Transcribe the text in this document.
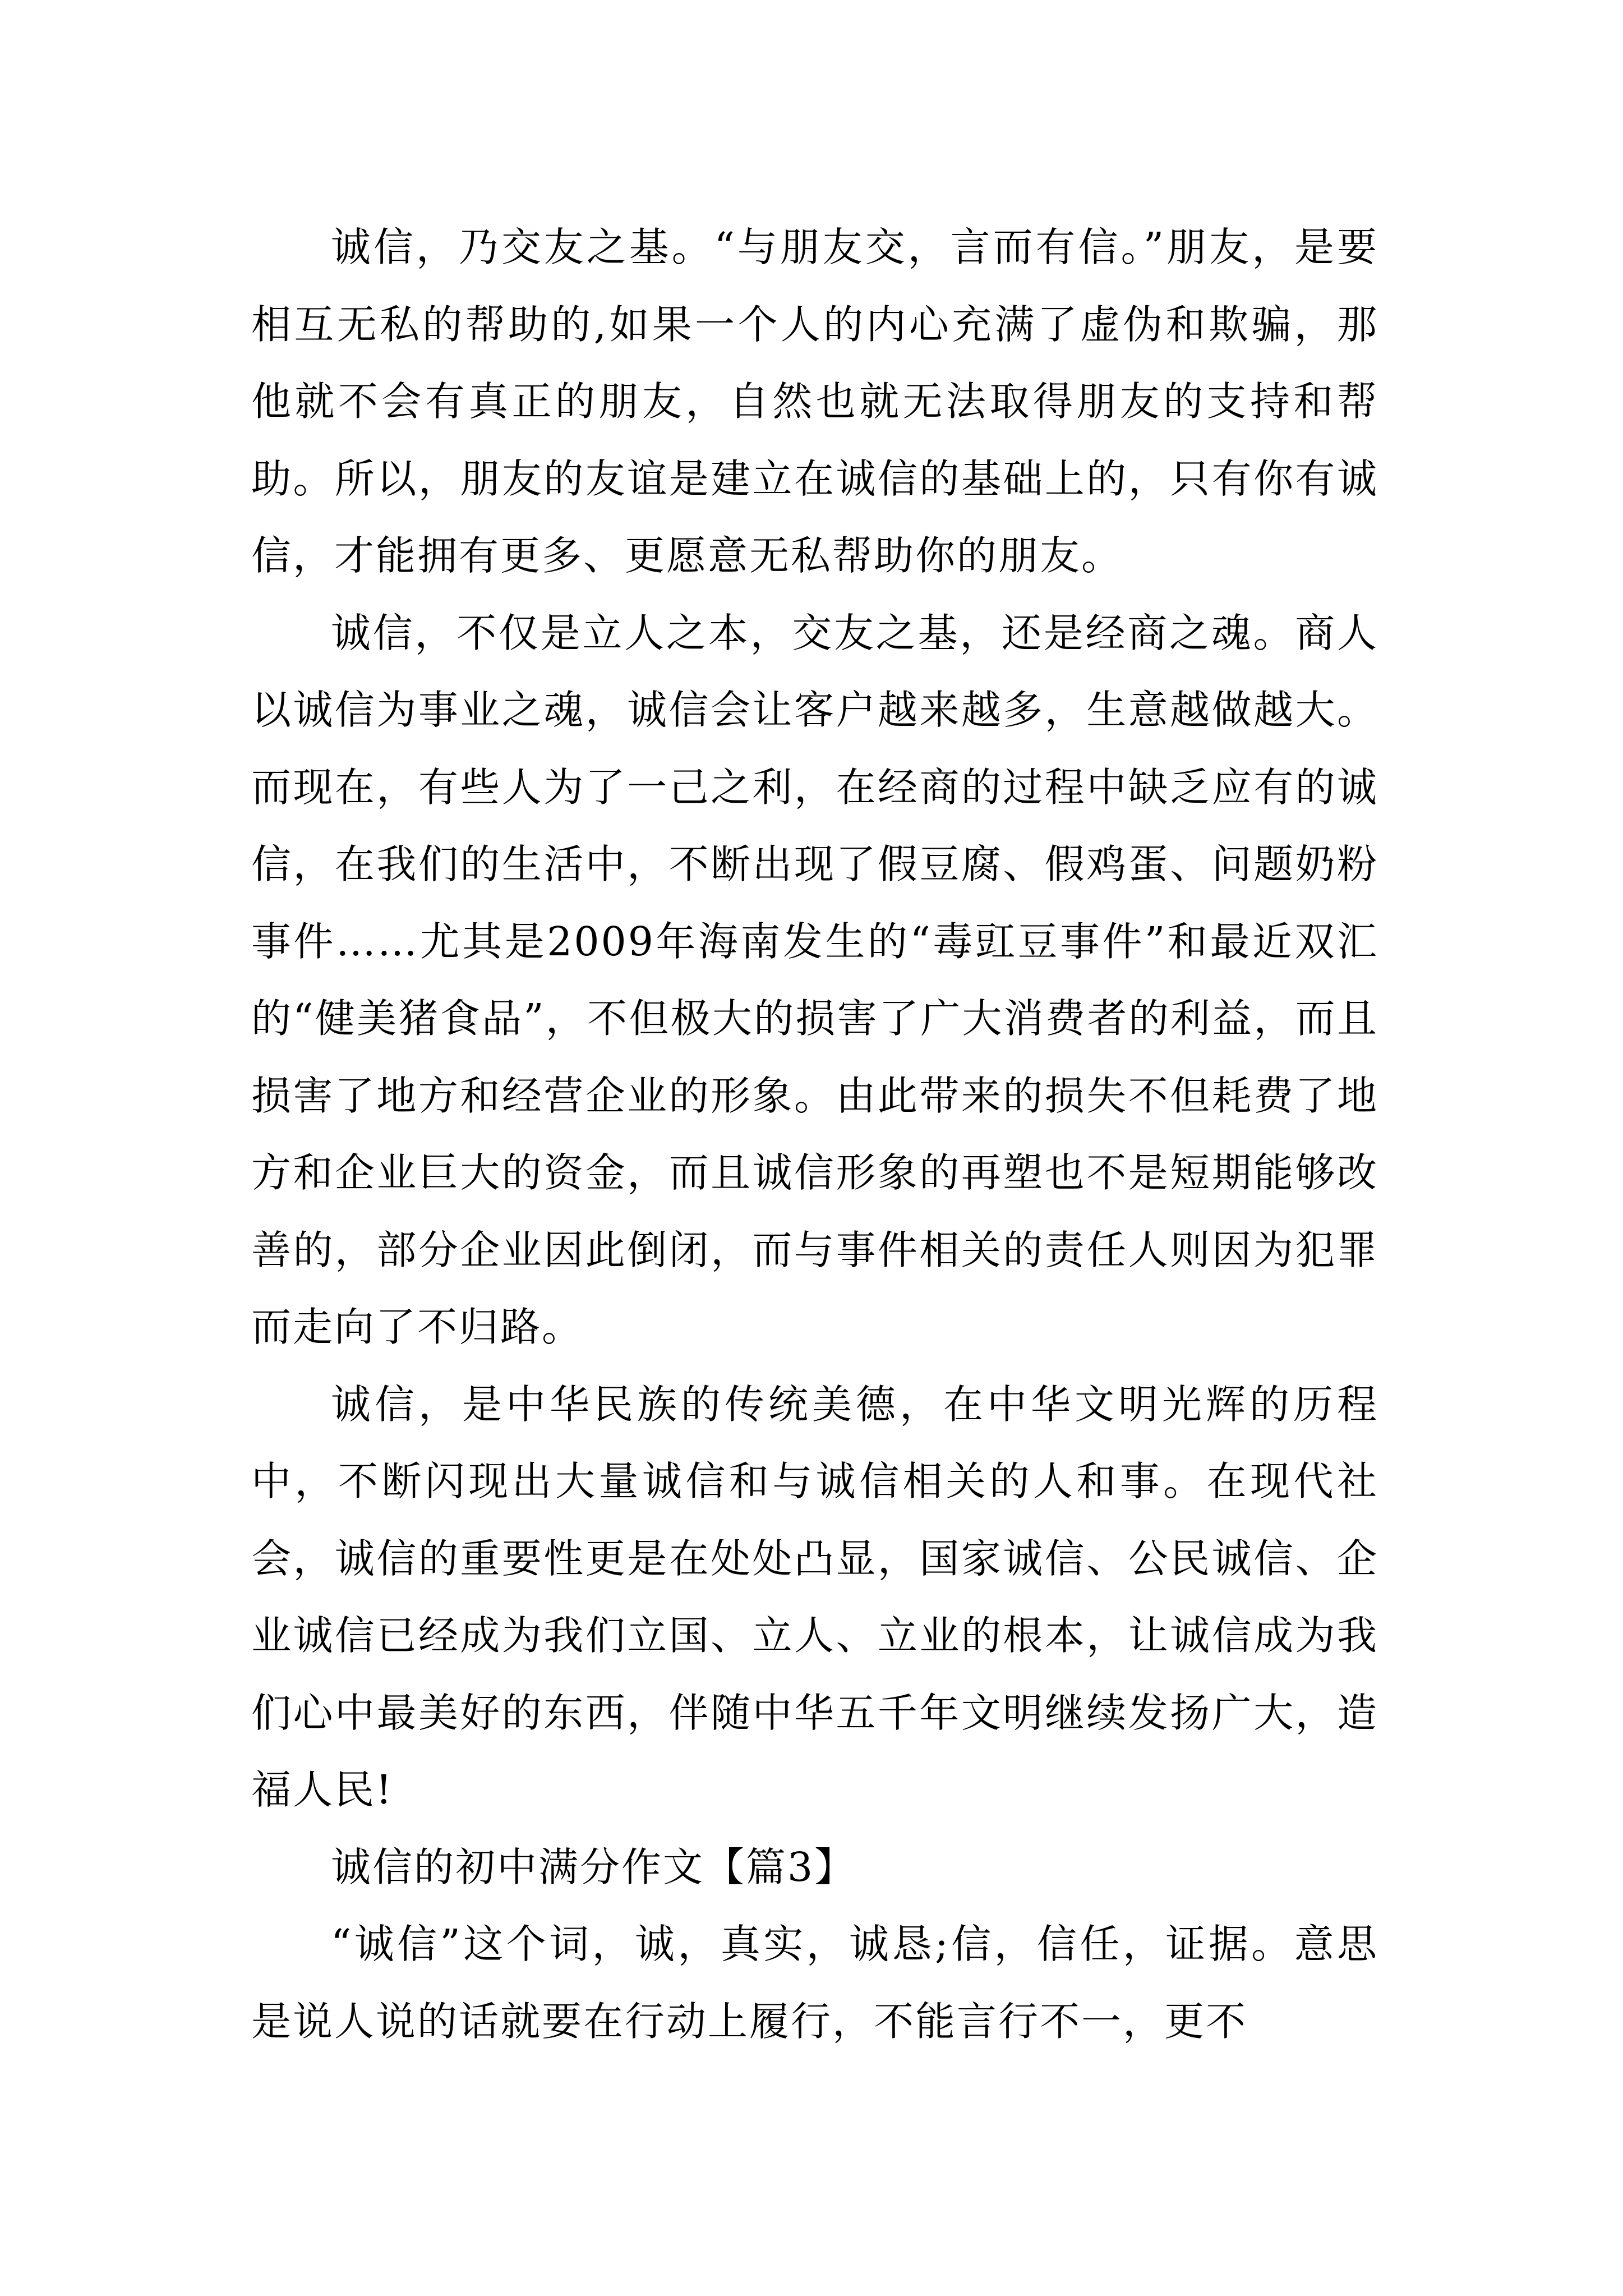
诚信，乃交友之基。“与朋友交，言而有信。”朋友，是要相互无私的帮助的,如果一个人的内心充满了虚伪和欺骗，那他就不会有真正的朋友，自然也就无法取得朋友的支持和帮助。所以，朋友的友谊是建立在诚信的基础上的，只有你有诚信，才能拥有更多、更愿意无私帮助你的朋友。

诚信，不仅是立人之本，交友之基，还是经商之魂。商人以诚信为事业之魂，诚信会让客户越来越多，生意越做越大。而现在，有些人为了一己之利，在经商的过程中缺乏应有的诚信，在我们的生活中，不断出现了假豆腐、假鸡蛋、问题奶粉事件……尤其是2009年海南发生的“毒豇豆事件”和最近双汇的“健美猪食品”，不但极大的损害了广大消费者的利益，而且损害了地方和经营企业的形象。由此带来的损失不但耗费了地方和企业巨大的资金，而且诚信形象的再塑也不是短期能够改善的，部分企业因此倒闭，而与事件相关的责任人则因为犯罪而走向了不归路。

诚信，是中华民族的传统美德，在中华文明光辉的历程中，不断闪现出大量诚信和与诚信相关的人和事。在现代社会，诚信的重要性更是在处处凸显，国家诚信、公民诚信、企业诚信已经成为我们立国、立人、立业的根本，让诚信成为我们心中最美好的东西，伴随中华五千年文明继续发扬广大，造福人民!

诚信的初中满分作文【篇3】

“诚信”这个词，诚，真实，诚恳;信，信任，证据。意思是说人说的话就要在行动上履行，不能言行不一，更不
